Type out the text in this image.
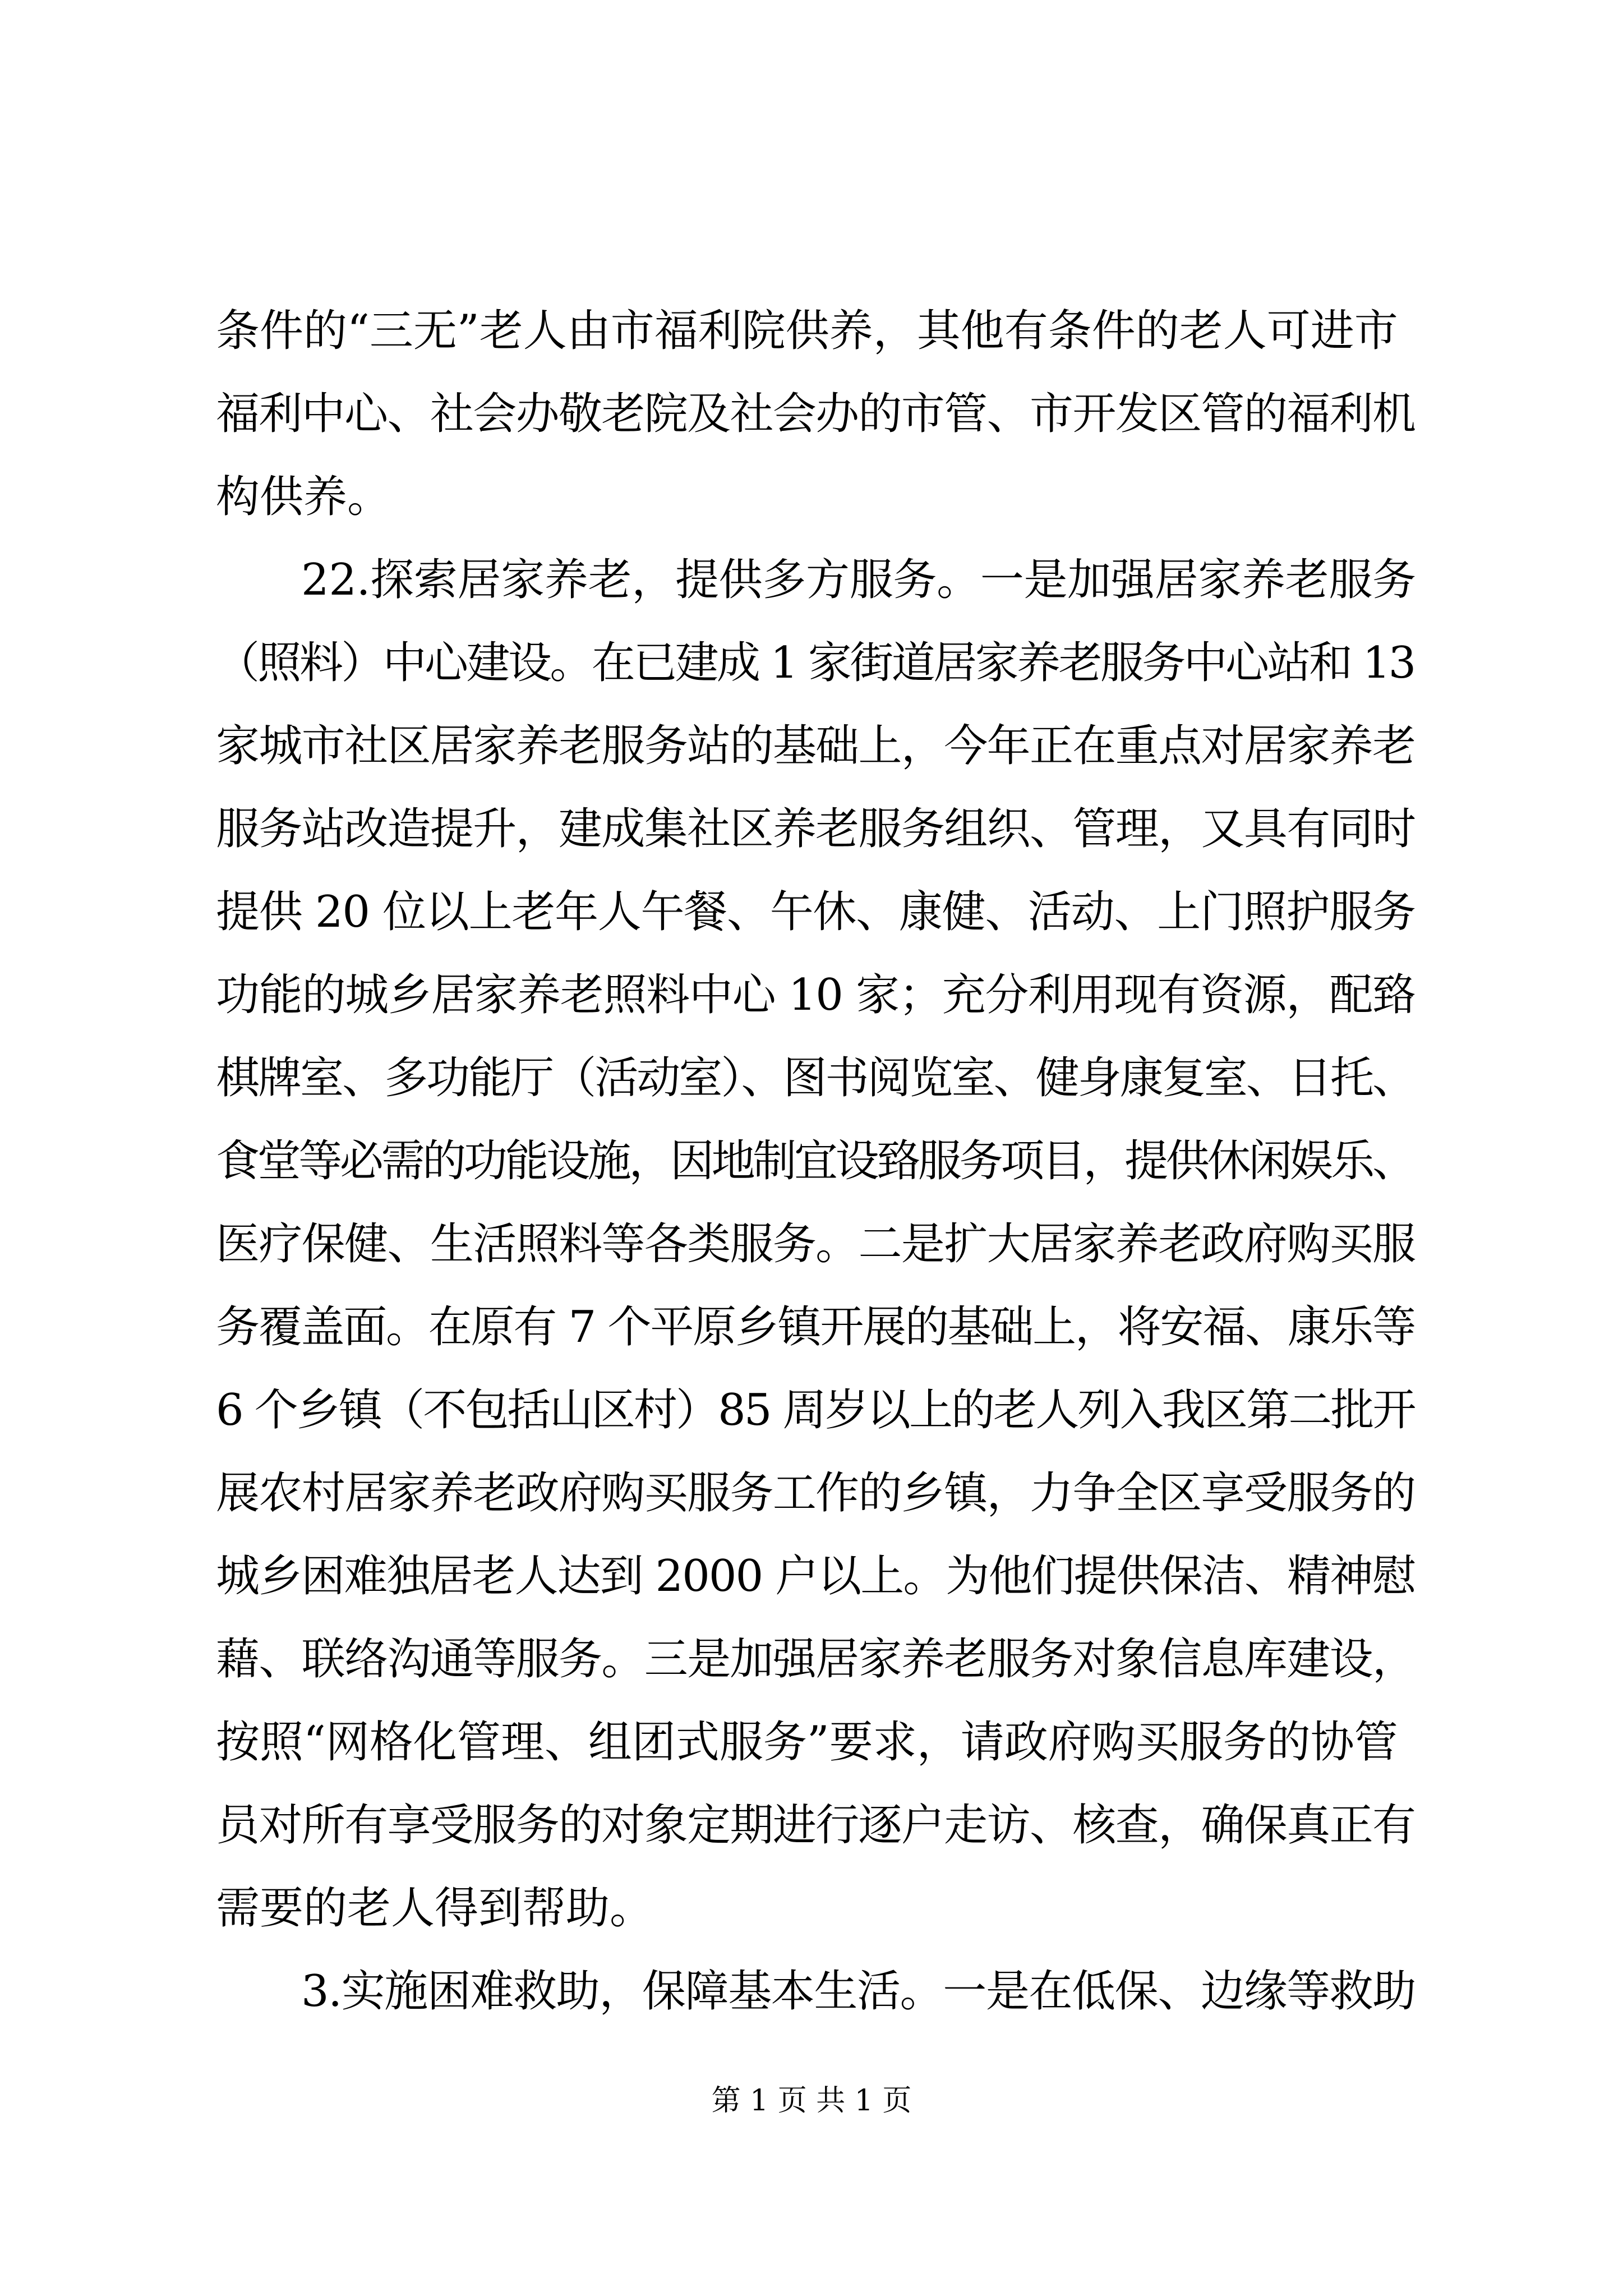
条件的“三无”老人由市福利院供养，其他有条件的老人可进市
福利中心、社会办敬老院及社会办的市管、市开发区管的福利机
构供养。
22.探索居家养老，提供多方服务。一是加强居家养老服务
（照料）中心建设。在已建成 1 家街道居家养老服务中心站和 13
家城市社区居家养老服务站的基础上，今年正在重点对居家养老
服务站改造提升，建成集社区养老服务组织、管理，又具有同时
提供 20 位以上老年人午餐、午休、康健、活动、上门照护服务
功能的城乡居家养老照料中心 10 家；充分利用现有资源，配臵
棋牌室、多功能厅（活动室）、图书阅览室、健身康复室、日托、
食堂等必需的功能设施，因地制宜设臵服务项目，提供休闲娱乐、
医疗保健、生活照料等各类服务。二是扩大居家养老政府购买服
务覆盖面。在原有 7 个平原乡镇开展的基础上，将安福、康乐等
6 个乡镇（不包括山区村）85 周岁以上的老人列入我区第二批开
展农村居家养老政府购买服务工作的乡镇，力争全区享受服务的
城乡困难独居老人达到 2000 户以上。为他们提供保洁、精神慰
藉、联络沟通等服务。三是加强居家养老服务对象信息库建设，
按照“网格化管理、组团式服务”要求，请政府购买服务的协管
员对所有享受服务的对象定期进行逐户走访、核查，确保真正有
需要的老人得到帮助。
3.实施困难救助，保障基本生活。一是在低保、边缘等救助
第 1 页 共 1 页
